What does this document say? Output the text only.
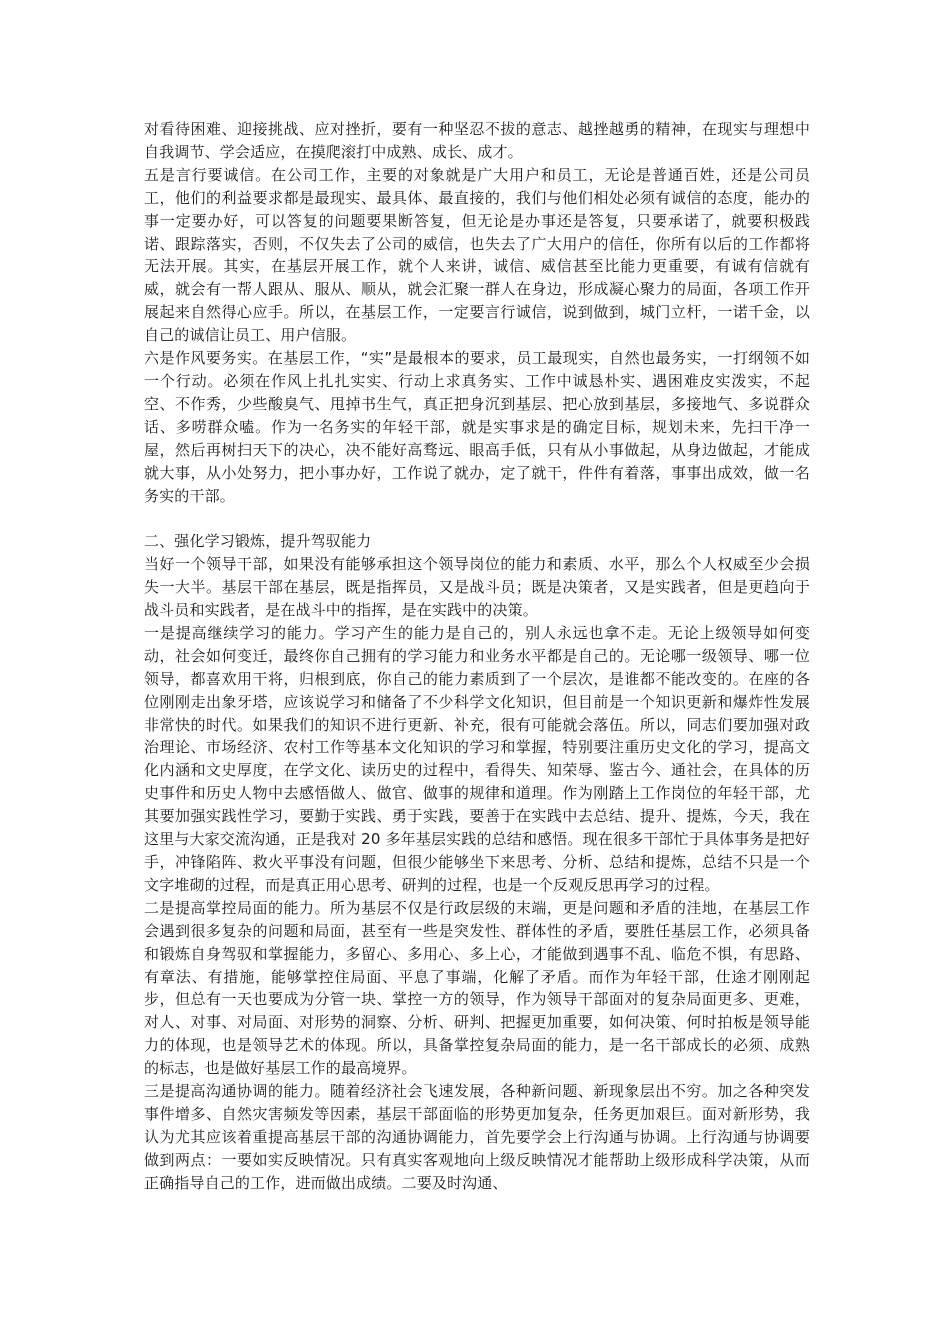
对看待困难、迎接挑战、应对挫折，要有一种坚忍不拔的意志、越挫越勇的精神，在现实与理想中自我调节、学会适应，在摸爬滚打中成熟、成长、成才。

五是言行要诚信。在公司工作，主要的对象就是广大用户和员工，无论是普通百姓，还是公司员工，他们的利益要求都是最现实、最具体、最直接的，我们与他们相处必须有诚信的态度，能办的事一定要办好，可以答复的问题要果断答复，但无论是办事还是答复，只要承诺了，就要积极践诺、跟踪落实，否则，不仅失去了公司的威信，也失去了广大用户的信任，你所有以后的工作都将无法开展。其实，在基层开展工作，就个人来讲，诚信、威信甚至比能力更重要，有诚有信就有威，就会有一帮人跟从、服从、顺从，就会汇聚一群人在身边，形成凝心聚力的局面，各项工作开展起来自然得心应手。所以，在基层工作，一定要言行诚信，说到做到，城门立杆，一诺千金，以自己的诚信让员工、用户信服。

六是作风要务实。在基层工作，“实”是最根本的要求，员工最现实，自然也最务实，一打纲领不如一个行动。必须在作风上扎扎实实、行动上求真务实、工作中诚恳朴实、遇困难皮实泼实，不起空、不作秀，少些酸臭气、甩掉书生气，真正把身沉到基层、把心放到基层，多接地气、多说群众话、多唠群众嗑。作为一名务实的年轻干部，就是实事求是的确定目标，规划未来，先扫干净一屋，然后再树扫天下的决心，决不能好高骛远、眼高手低，只有从小事做起，从身边做起，才能成就大事，从小处努力，把小事办好，工作说了就办，定了就干，件件有着落，事事出成效，做一名务实的干部。

二、强化学习锻炼，提升驾驭能力

当好一个领导干部，如果没有能够承担这个领导岗位的能力和素质、水平，那么个人权威至少会损失一大半。基层干部在基层，既是指挥员，又是战斗员；既是决策者，又是实践者，但是更趋向于战斗员和实践者，是在战斗中的指挥，是在实践中的决策。

一是提高继续学习的能力。学习产生的能力是自己的，别人永远也拿不走。无论上级领导如何变动，社会如何变迁，最终你自己拥有的学习能力和业务水平都是自己的。无论哪一级领导、哪一位领导，都喜欢用干将，归根到底，你自己的能力素质到了一个层次，是谁都不能改变的。在座的各位刚刚走出象牙塔，应该说学习和储备了不少科学文化知识，但目前是一个知识更新和爆炸性发展非常快的时代。如果我们的知识不进行更新、补充，很有可能就会落伍。所以，同志们要加强对政治理论、市场经济、农村工作等基本文化知识的学习和掌握，特别要注重历史文化的学习，提高文化内涵和文史厚度，在学文化、读历史的过程中，看得失、知荣辱、鉴古今、通社会，在具体的历史事件和历史人物中去感悟做人、做官、做事的规律和道理。作为刚踏上工作岗位的年轻干部，尤其要加强实践性学习，要勤于实践、勇于实践，要善于在实践中去总结、提升、提炼，今天，我在这里与大家交流沟通，正是我对 20 多年基层实践的总结和感悟。现在很多干部忙于具体事务是把好手，冲锋陷阵、救火平事没有问题，但很少能够坐下来思考、分析、总结和提炼，总结不只是一个文字堆砌的过程，而是真正用心思考、研判的过程，也是一个反观反思再学习的过程。

二是提高掌控局面的能力。所为基层不仅是行政层级的末端，更是问题和矛盾的洼地，在基层工作会遇到很多复杂的问题和局面，甚至有一些是突发性、群体性的矛盾，要胜任基层工作，必须具备和锻炼自身驾驭和掌握能力，多留心、多用心、多上心，才能做到遇事不乱、临危不惧，有思路、有章法、有措施，能够掌控住局面、平息了事端，化解了矛盾。而作为年轻干部，仕途才刚刚起步，但总有一天也要成为分管一块、掌控一方的领导，作为领导干部面对的复杂局面更多、更难，对人、对事、对局面、对形势的洞察、分析、研判、把握更加重要，如何决策、何时拍板是领导能力的体现，也是领导艺术的体现。所以，具备掌控复杂局面的能力，是一名干部成长的必须、成熟的标志，也是做好基层工作的最高境界。

三是提高沟通协调的能力。随着经济社会飞速发展，各种新问题、新现象层出不穷。加之各种突发事件增多、自然灾害频发等因素，基层干部面临的形势更加复杂，任务更加艰巨。面对新形势，我认为尤其应该着重提高基层干部的沟通协调能力，首先要学会上行沟通与协调。上行沟通与协调要做到两点：一要如实反映情况。只有真实客观地向上级反映情况才能帮助上级形成科学决策，从而正确指导自己的工作，进而做出成绩。二要及时沟通、
